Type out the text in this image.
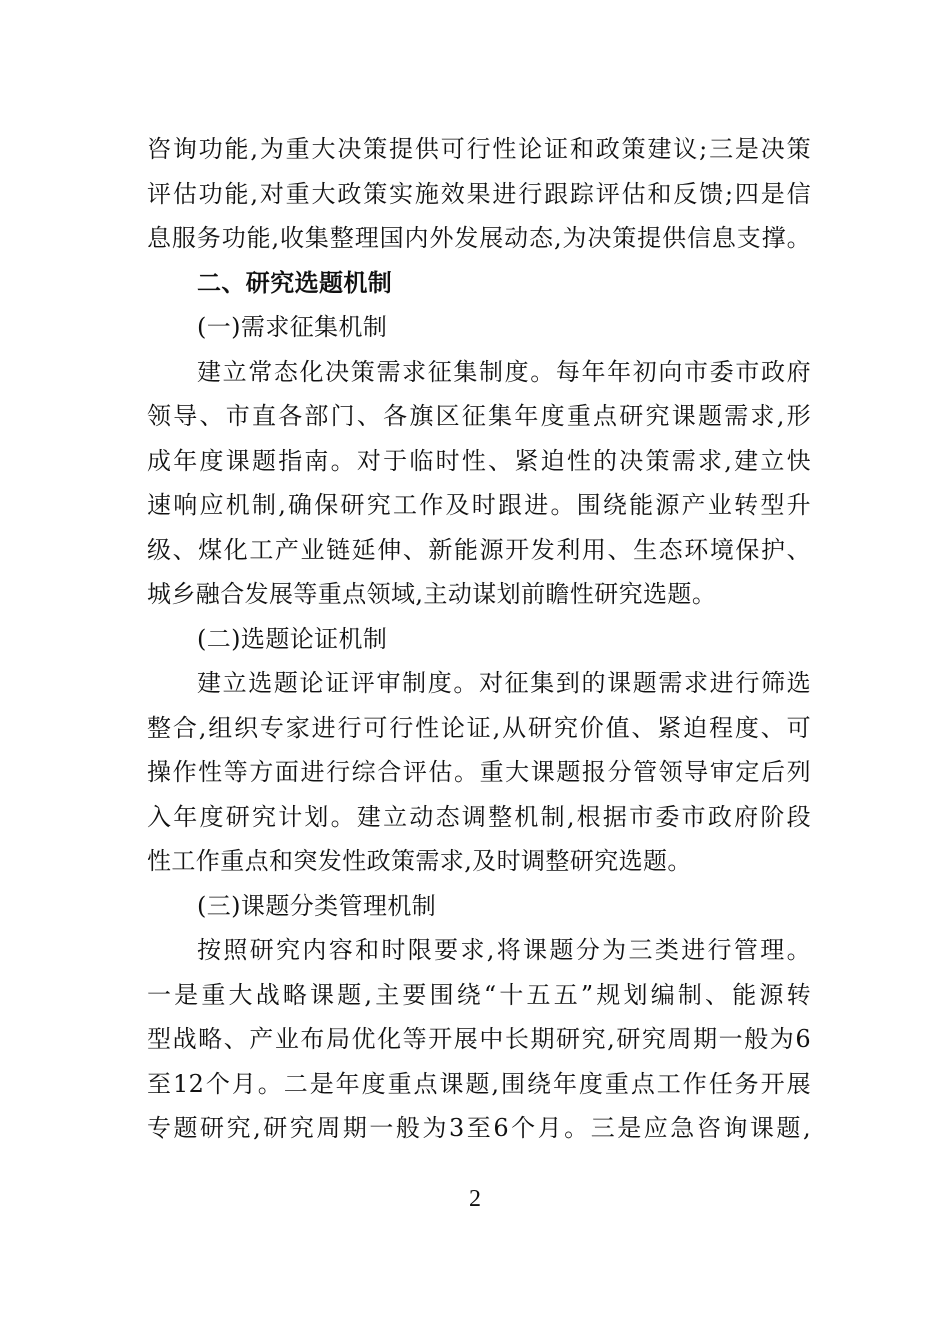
咨询功能,为重大决策提供可行性论证和政策建议;三是决策
评估功能,对重大政策实施效果进行跟踪评估和反馈;四是信
息服务功能,收集整理国内外发展动态,为决策提供信息支撑。
二、研究选题机制
(一)需求征集机制
建立常态化决策需求征集制度。每年年初向市委市政府
领导、市直各部门、各旗区征集年度重点研究课题需求,形
成年度课题指南。对于临时性、紧迫性的决策需求,建立快
速响应机制,确保研究工作及时跟进。围绕能源产业转型升
级、煤化工产业链延伸、新能源开发利用、生态环境保护、
城乡融合发展等重点领域,主动谋划前瞻性研究选题。
(二)选题论证机制
建立选题论证评审制度。对征集到的课题需求进行筛选
整合,组织专家进行可行性论证,从研究价值、紧迫程度、可
操作性等方面进行综合评估。重大课题报分管领导审定后列
入年度研究计划。建立动态调整机制,根据市委市政府阶段
性工作重点和突发性政策需求,及时调整研究选题。
(三)课题分类管理机制
按照研究内容和时限要求,将课题分为三类进行管理。
一是重大战略课题,主要围绕“十五五”规划编制、能源转
型战略、产业布局优化等开展中长期研究,研究周期一般为6
至12个月。二是年度重点课题,围绕年度重点工作任务开展
专题研究,研究周期一般为3至6个月。三是应急咨询课题,
2
